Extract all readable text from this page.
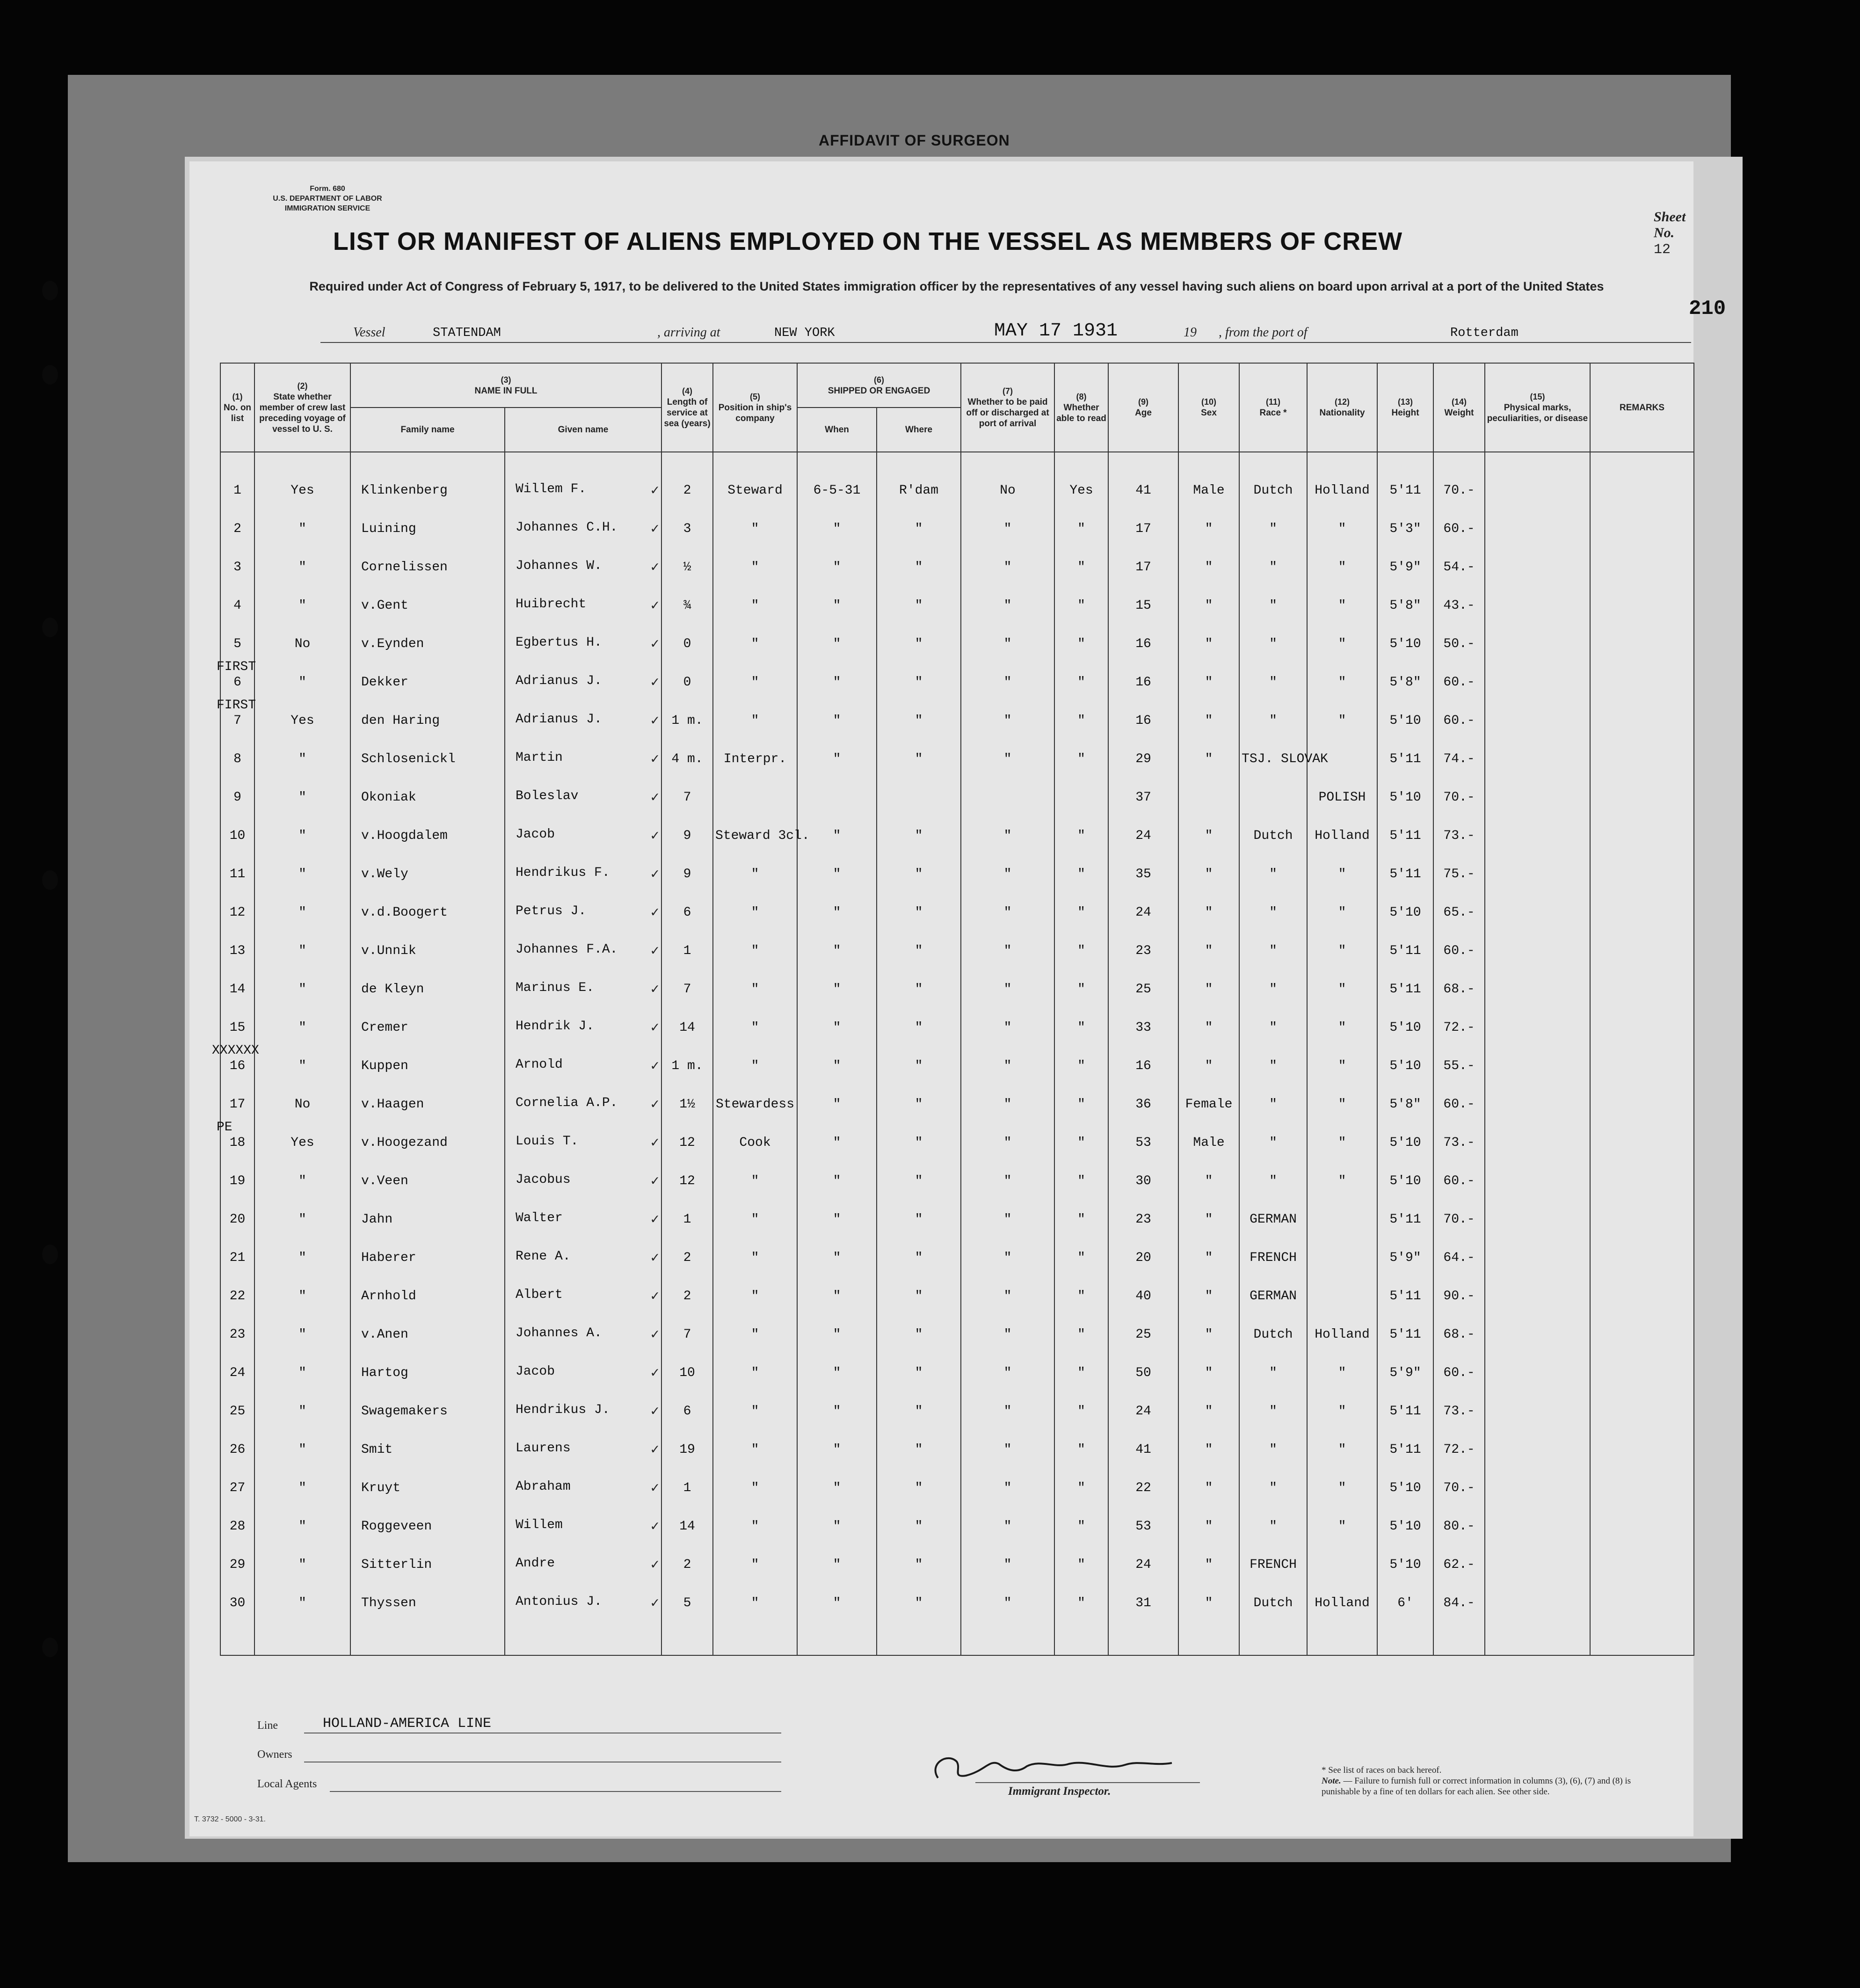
AFFIDAVIT OF SURGEON
Form. 680
U.S. DEPARTMENT OF LABOR
IMMIGRATION SERVICE
Sheet No. 12
LIST OR MANIFEST OF ALIENS EMPLOYED ON THE VESSEL AS MEMBERS OF CREW
Required under Act of Congress of February 5, 1917, to be delivered to the United States immigration officer by the representatives of any vessel having such aliens on board upon arrival at a port of the United States
210
Vessel	STATENDAM	, arriving at	NEW YORK	MAY 17 1931	19 , from the port of	Rotterdam
(1)
No. on list	(2)
State whether member of crew last preceding voyage of vessel to U. S.	(3)
NAME IN FULL		(4)
Length of service at sea (years)	(5)
Position in ship's company	(6)
SHIPPED OR ENGAGED		(7)
Whether to be paid off or discharged at port of arrival	(8)
Whether able to read	(9)
Age	(10)
Sex	(11)
Race *	(12)
Nationality	(13)
Height	(14)
Weight	(15)
Physical marks, peculiarities, or disease	REMARKS
		Family name	Given name			When	Where										

1	Yes	Klinkenberg	Willem F. ✓	2	Steward	6-5-31	R'dam	No	Yes	41	Male	Dutch	Holland	5'11	70.-		
2	"	Luining	Johannes C.H. ✓	3	"	"	"	"	"	17	"	"	"	5'3"	60.-		
3	"	Cornelissen	Johannes W. ✓	½	"	"	"	"	"	17	"	"	"	5'9"	54.-		
4	"	v.Gent	Huibrecht ✓	¾	"	"	"	"	"	15	"	"	"	5'8"	43.-		
5	No	v.Eynden	Egbertus H. ✓	0	"	"	"	"	"	16	"	"	"	5'10	50.-		
6	"	Dekker	Adrianus J. ✓	0	"	"	"	"	"	16	"	"	"	5'8"	60.-		
7	Yes	den Haring	Adrianus J. ✓	1 m.	"	"	"	"	"	16	"	"	"	5'10	60.-		
8	"	Schlosenickl	Martin ✓	4 m.	Interpr.	"	"	"	"	29	"	TSJ. SLOVAK		5'11	74.-		
9	"	Okoniak	Boleslav ✓	7						37			POLISH	5'10	70.-		
10	"	v.Hoogdalem	Jacob ✓	9	Steward 3cl.	"	"	"	"	24	"	Dutch	Holland	5'11	73.-		
11	"	v.Wely	Hendrikus F. ✓	9	"	"	"	"	"	35	"	"	"	5'11	75.-		
12	"	v.d.Boogert	Petrus J. ✓	6	"	"	"	"	"	24	"	"	"	5'10	65.-		
13	"	v.Unnik	Johannes F.A. ✓	1	"	"	"	"	"	23	"	"	"	5'11	60.-		
14	"	de Kleyn	Marinus E. ✓	7	"	"	"	"	"	25	"	"	"	5'11	68.-		
15	"	Cremer	Hendrik J. ✓	14	"	"	"	"	"	33	"	"	"	5'10	72.-		
16	"	Kuppen	Arnold ✓	1 m.	"	"	"	"	"	16	"	"	"	5'10	55.-		
17	No	v.Haagen	Cornelia A.P. ✓	1½	Stewardess	"	"	"	"	36	Female	"	"	5'8"	60.-		
18	Yes	v.Hoogezand	Louis T. ✓	12	Cook	"	"	"	"	53	Male	"	"	5'10	73.-		
19	"	v.Veen	Jacobus ✓	12	"	"	"	"	"	30	"	"	"	5'10	60.-		
20	"	Jahn	Walter ✓	1	"	"	"	"	"	23	"	GERMAN		5'11	70.-		
21	"	Haberer	Rene A. ✓	2	"	"	"	"	"	20	"	FRENCH		5'9"	64.-		
22	"	Arnhold	Albert ✓	2	"	"	"	"	"	40	"	GERMAN		5'11	90.-		
23	"	v.Anen	Johannes A. ✓	7	"	"	"	"	"	25	"	Dutch	Holland	5'11	68.-		
24	"	Hartog	Jacob ✓	10	"	"	"	"	"	50	"	"	"	5'9"	60.-		
25	"	Swagemakers	Hendrikus J. ✓	6	"	"	"	"	"	24	"	"	"	5'11	73.-		
26	"	Smit	Laurens ✓	19	"	"	"	"	"	41	"	"	"	5'11	72.-		
27	"	Kruyt	Abraham ✓	1	"	"	"	"	"	22	"	"	"	5'10	70.-		
28	"	Roggeveen	Willem ✓	14	"	"	"	"	"	53	"	"	"	5'10	80.-		
29	"	Sitterlin	Andre ✓	2	"	"	"	"	"	24	"	FRENCH		5'10	62.-		
30	"	Thyssen	Antonius J. ✓	5	"	"	"	"	"	31	"	Dutch	Holland	6'	84.-		

FIRST
FIRST
XXXXXX
PE
Line	HOLLAND-AMERICA LINE
Owners
Local Agents
Immigrant Inspector.
* See list of races on back hereof.
Note. — Failure to furnish full or correct information in columns (3), (6), (7) and (8) is punishable by a fine of ten dollars for each alien. See other side.
T. 3732 - 5000 - 3-31.
